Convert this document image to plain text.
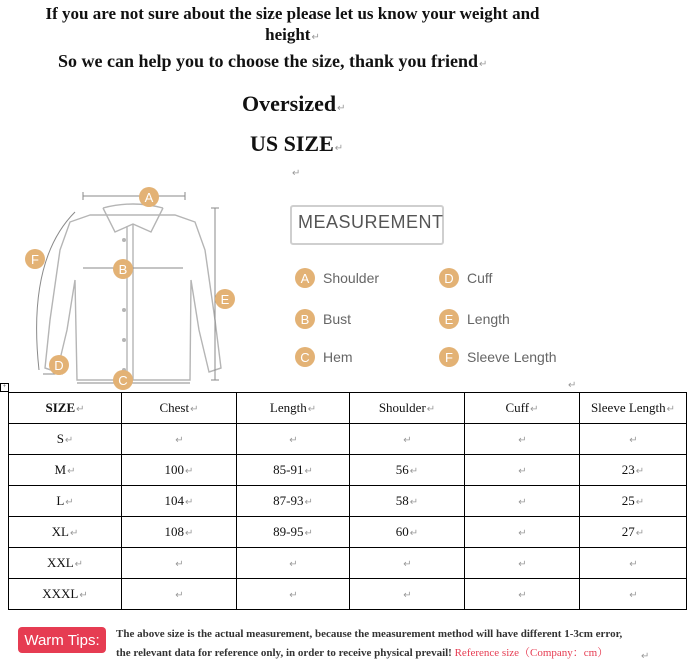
If you are not sure about the size please let us know your weight and
height↵
So we can help you to choose the size, thank you friend↵
Oversized↵
US SIZE↵
↵
A
B
C
D
E
F
MEASUREMENT
A Shoulder
B Bust
C Hem
D Cuff
E Length
F	Sleeve Length
↵
+
SIZE↵	Chest↵	Length↵	Shoulder↵	Cuff↵	Sleeve Length↵
S↵	↵	↵	↵	↵	↵
M↵	100↵	85-91↵	56↵	↵	23↵
L↵	104↵	87-93↵	58↵	↵	25↵
XL↵	108↵	89-95↵	60↵	↵	27↵
XXL↵	↵	↵	↵	↵	↵
XXXL↵	↵	↵	↵	↵	↵
Warm Tips:	The above size is the actual measurement, because the measurement method will have different 1-3cm error,
the relevant data for reference only, in order to receive physical prevail! Reference size（Company：cm）	↵
